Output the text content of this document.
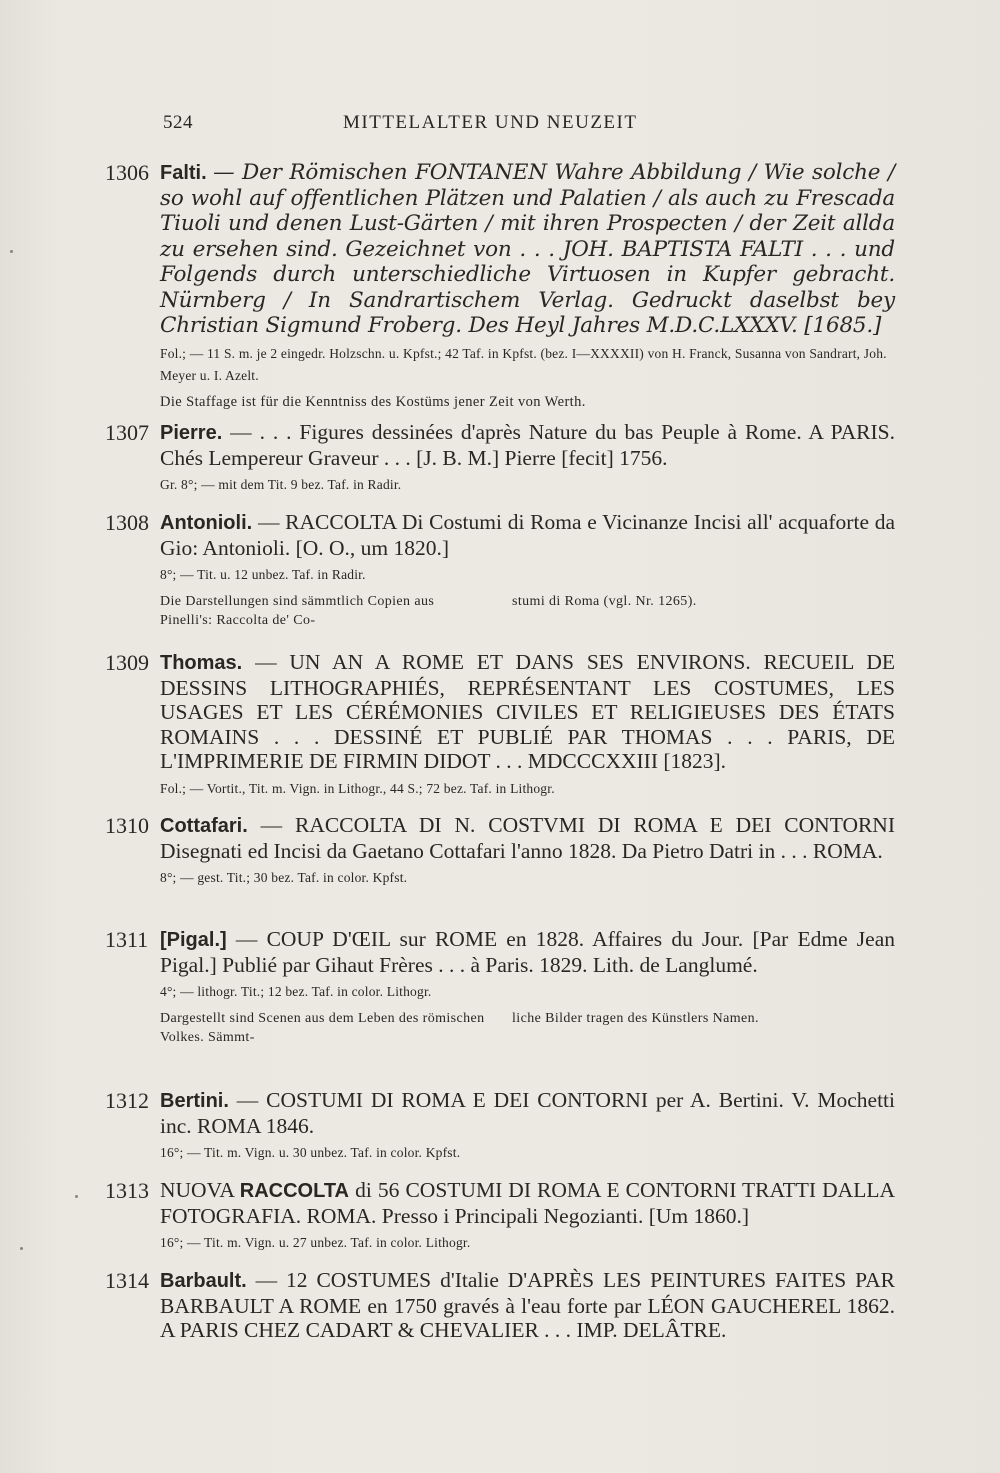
524	MITTELALTER UND NEUZEIT
1306 Falti. — Der Römischen FONTANEN Wahre Abbildung / Wie solche / so wohl auf offentlichen Plätzen und Palatien / als auch zu Frescada Tiuoli und denen Lust-Gärten / mit ihren Prospecten / der Zeit allda zu ersehen sind. Gezeichnet von . . . JOH. BAPTISTA FALTI . . . und Folgends durch unterschiedliche Virtuosen in Kupfer gebracht. Nürnberg / In Sandrartischem Verlag. Gedruckt daselbst bey Christian Sigmund Froberg. Des Heyl Jahres M.D.C.LXXXV. [1685.]

Fol.; — 11 S. m. je 2 eingedr. Holzschn. u. Kpfst.; 42 Taf. in Kpfst. (bez. I—XXXXII) von H. Franck, Susanna von Sandrart, Joh. Meyer u. I. Azelt.
Die Staffage ist für die Kenntniss des Kostüms jener Zeit von Werth.
1307 Pierre. — . . . Figures dessinées d'après Nature du bas Peuple à Rome. A PARIS. Chés Lempereur Graveur . . . [J. B. M.] Pierre [fecit] 1756.

Gr. 8°; — mit dem Tit. 9 bez. Taf. in Radir.
1308 Antonioli. — RACCOLTA Di Costumi di Roma e Vicinanze Incisi all' acquaforte da Gio: Antonioli. [O. O., um 1820.]

8°; — Tit. u. 12 unbez. Taf. in Radir.
Die Darstellungen sind sämmtlich Copien aus Pinelli's: Raccolta de' Co-
stumi di Roma (vgl. Nr. 1265).
1309 Thomas. — UN AN A ROME ET DANS SES ENVIRONS. RECUEIL DE DESSINS LITHOGRAPHIÉS, REPRÉSENTANT LES COSTUMES, LES USAGES ET LES CÉRÉMONIES CIVILES ET RELIGIEUSES DES ÉTATS ROMAINS . . . DESSINÉ ET PUBLIÉ PAR THOMAS . . . PARIS, DE L'IMPRIMERIE DE FIRMIN DIDOT . . . MDCCCXXIII [1823].

Fol.; — Vortit., Tit. m. Vign. in Lithogr., 44 S.; 72 bez. Taf. in Lithogr.
1310 Cottafari. — RACCOLTA DI N. COSTVMI DI ROMA E DEI CONTORNI Disegnati ed Incisi da Gaetano Cottafari l'anno 1828. Da Pietro Datri in . . . ROMA.

8°; — gest. Tit.; 30 bez. Taf. in color. Kpfst.
1311 [Pigal.] — COUP D'ŒIL sur ROME en 1828. Affaires du Jour. [Par Edme Jean Pigal.] Publié par Gihaut Frères . . . à Paris. 1829. Lith. de Langlumé.

4°; — lithogr. Tit.; 12 bez. Taf. in color. Lithogr.
Dargestellt sind Scenen aus dem Leben des römischen Volkes. Sämmt-
liche Bilder tragen des Künstlers Namen.
1312 Bertini. — COSTUMI DI ROMA E DEI CONTORNI per A. Bertini. V. Mochetti inc. ROMA 1846.

16°; — Tit. m. Vign. u. 30 unbez. Taf. in color. Kpfst.
1313 NUOVA RACCOLTA di 56 COSTUMI DI ROMA E CONTORNI TRATTI DALLA FOTOGRAFIA. ROMA. Presso i Principali Negozianti. [Um 1860.]

16°; — Tit. m. Vign. u. 27 unbez. Taf. in color. Lithogr.
1314 Barbault. — 12 COSTUMES d'Italie D'APRÈS LES PEINTURES FAITES PAR BARBAULT A ROME en 1750 gravés à l'eau forte par LÉON GAUCHEREL 1862. A PARIS CHEZ CADART & CHEVALIER . . . IMP. DELÂTRE.
